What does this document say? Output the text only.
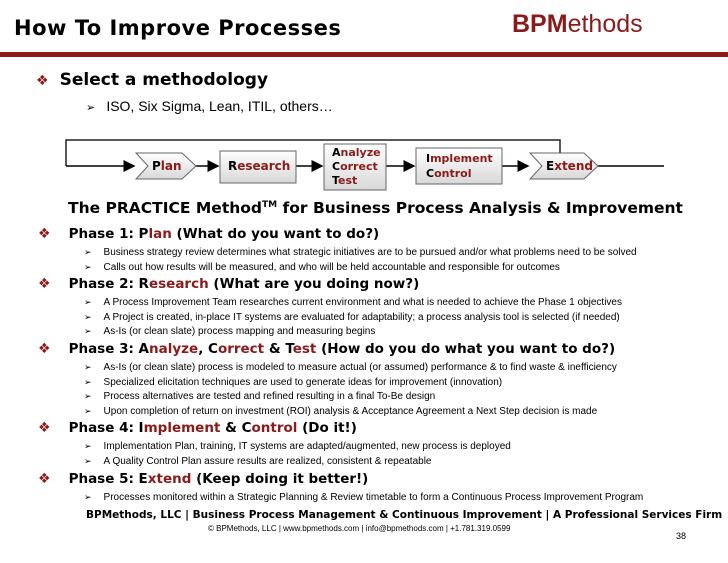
How To Improve Processes	BPMethods
❖ Select a methodology
➢ ISO, Six Sigma, Lean, ITIL, others…
Plan	Research
Analyze
Correct
Test
Implement
Control
Extend
The PRACTICE Method™ for Business Process Analysis & Improvement
❖ Phase 1: Plan (What do you want to do?)
➢ Business strategy review determines what strategic initiatives are to be pursued and/or what problems need to be solved
➢ Calls out how results will be measured, and who will be held accountable and responsible for outcomes
❖ Phase 2: Research (What are you doing now?)
➢ A Process Improvement Team researches current environment and what is needed to achieve the Phase 1 objectives
➢ A Project is created, in-place IT systems are evaluated for adaptability; a process analysis tool is selected (if needed)
➢ As-Is (or clean slate) process mapping and measuring begins
❖ Phase 3: Analyze, Correct & Test (How do you do what you want to do?)
➢ As-Is (or clean slate) process is modeled to measure actual (or assumed) performance & to find waste & inefficiency
➢ Specialized elicitation techniques are used to generate ideas for improvement (innovation)
➢ Process alternatives are tested and refined resulting in a final To-Be design
➢ Upon completion of return on investment (ROI) analysis & Acceptance Agreement a Next Step decision is made
❖ Phase 4: Implement & Control (Do it!)
➢ Implementation Plan, training, IT systems are adapted/augmented, new process is deployed
➢ A Quality Control Plan assure results are realized, consistent & repeatable
❖ Phase 5: Extend (Keep doing it better!)
➢ Processes monitored within a Strategic Planning & Review timetable to form a Continuous Process Improvement Program
BPMethods, LLC | Business Process Management & Continuous Improvement | A Professional Services Firm
© BPMethods, LLC | www.bpmethods.com | info@bpmethods.com | +1.781.319.0599
38
